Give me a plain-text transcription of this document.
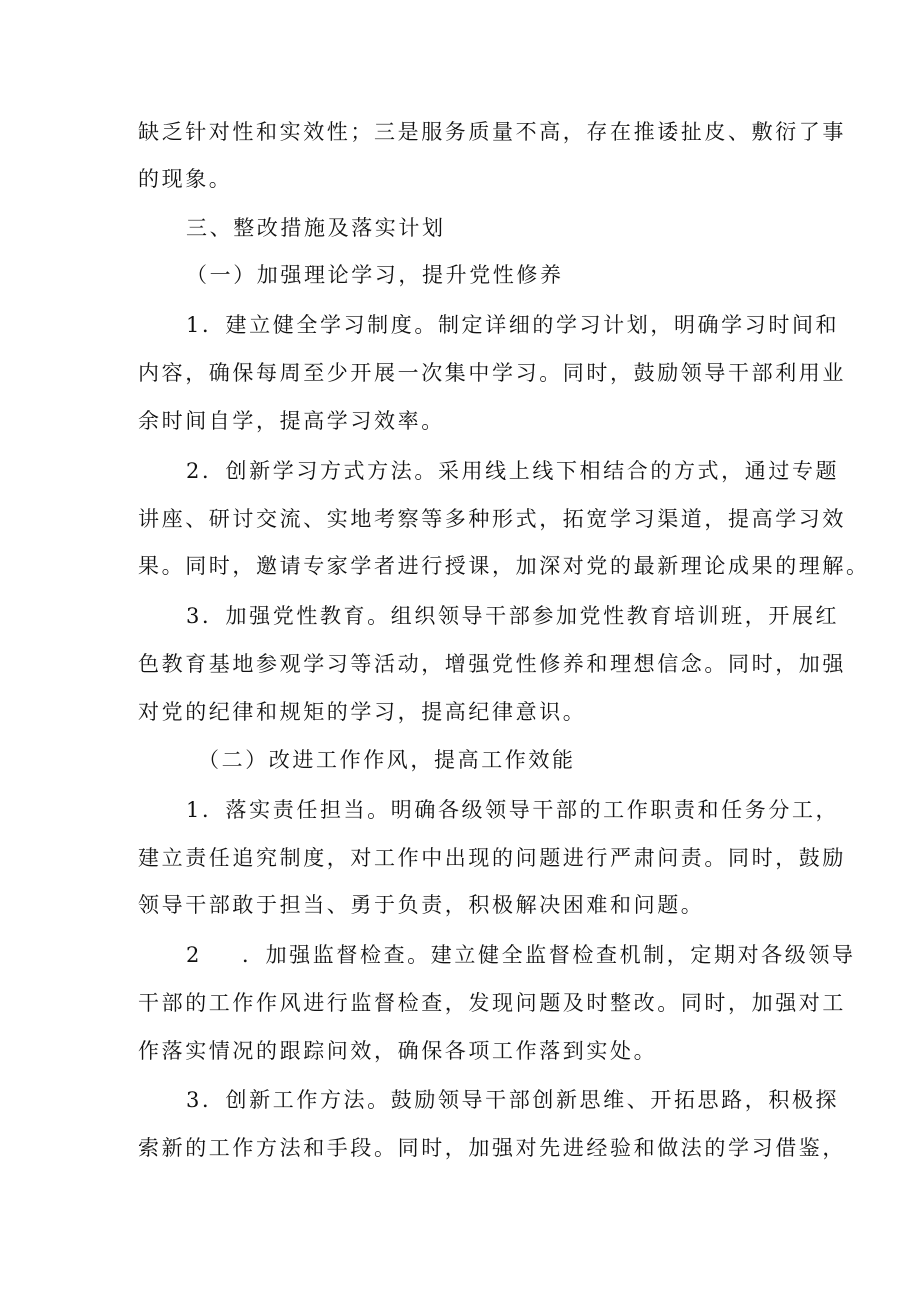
缺乏针对性和实效性；三是服务质量不高，存在推诿扯皮、敷衍了事

的现象。

三、整改措施及落实计划

（一）加强理论学习，提升党性修养

1．建立健全学习制度。制定详细的学习计划，明确学习时间和

内容，确保每周至少开展一次集中学习。同时，鼓励领导干部利用业

余时间自学，提高学习效率。

2．创新学习方式方法。采用线上线下相结合的方式，通过专题

讲座、研讨交流、实地考察等多种形式，拓宽学习渠道，提高学习效

果。同时，邀请专家学者进行授课，加深对党的最新理论成果的理解。

3．加强党性教育。组织领导干部参加党性教育培训班，开展红

色教育基地参观学习等活动，增强党性修养和理想信念。同时，加强

对党的纪律和规矩的学习，提高纪律意识。

（二）改进工作作风，提高工作效能

1．落实责任担当。明确各级领导干部的工作职责和任务分工，

建立责任追究制度，对工作中出现的问题进行严肃问责。同时，鼓励

领导干部敢于担当、勇于负责，积极解决困难和问题。

2 ．加强监督检查。建立健全监督检查机制，定期对各级领导

干部的工作作风进行监督检查，发现问题及时整改。同时，加强对工

作落实情况的跟踪问效，确保各项工作落到实处。

3．创新工作方法。鼓励领导干部创新思维、开拓思路，积极探

索新的工作方法和手段。同时，加强对先进经验和做法的学习借鉴，
